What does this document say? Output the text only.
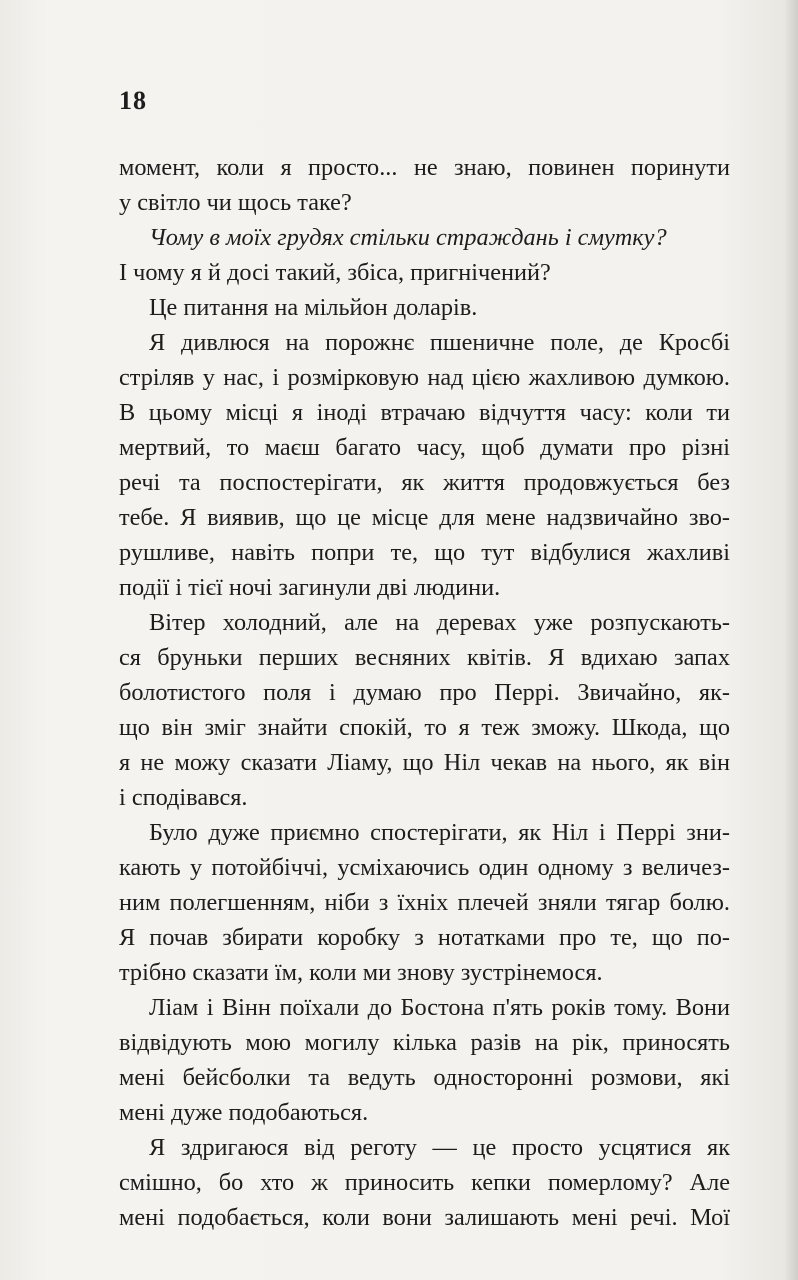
18
момент, коли я просто... не знаю, повинен поринути
у світло чи щось таке?
Чому в моїх грудях стільки страждань і смутку?
І чому я й досі такий, збіса, пригнічений?
Це питання на мільйон доларів.
Я дивлюся на порожнє пшеничне поле, де Кросбі
стріляв у нас, і розмірковую над цією жахливою думкою.
В цьому місці я іноді втрачаю відчуття часу: коли ти
мертвий, то маєш багато часу, щоб думати про різні
речі та поспостерігати, як життя продовжується без
тебе. Я виявив, що це місце для мене надзвичайно зво-
рушливе, навіть попри те, що тут відбулися жахливі
події і тієї ночі загинули дві людини.
Вітер холодний, але на деревах уже розпускають-
ся бруньки перших весняних квітів. Я вдихаю запах
болотистого поля і думаю про Перрі. Звичайно, як-
що він зміг знайти спокій, то я теж зможу. Шкода, що
я не можу сказати Ліаму, що Ніл чекав на нього, як він
і сподівався.
Було дуже приємно спостерігати, як Ніл і Перрі зни-
кають у потойбіччі, усміхаючись один одному з величез-
ним полегшенням, ніби з їхніх плечей зняли тягар болю.
Я почав збирати коробку з нотатками про те, що по-
трібно сказати їм, коли ми знову зустрінемося.
Ліам і Вінн поїхали до Бостона п'ять років тому. Вони
відвідують мою могилу кілька разів на рік, приносять
мені бейсболки та ведуть односторонні розмови, які
мені дуже подобаються.
Я здригаюся від реготу — це просто усцятися як
смішно, бо хто ж приносить кепки померлому? Але
мені подобається, коли вони залишають мені речі. Мої
